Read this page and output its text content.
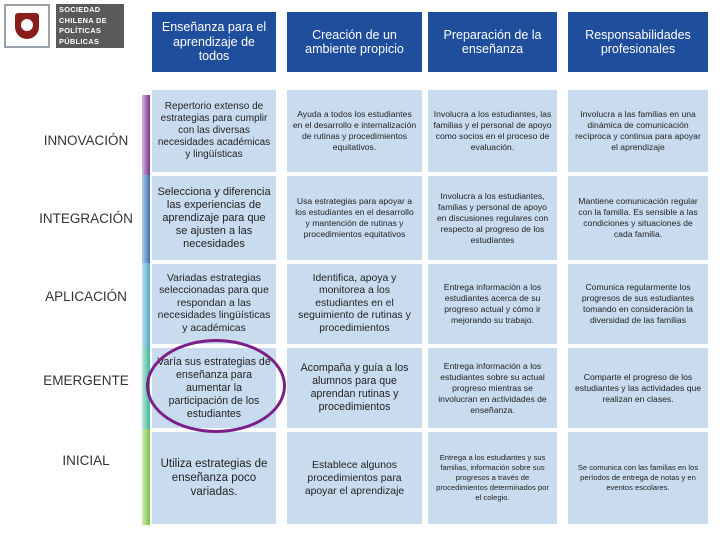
SOCIEDAD
CHILENA DE
POLÍTICAS
PÚBLICAS
INNOVACIÓN
INTEGRACIÓN
APLICACIÓN
EMERGENTE
INICIAL
Enseñanza para el aprendizaje de todos
Creación de un ambiente propicio
Preparación de la enseñanza
Responsabilidades profesionales
Repertorio extenso de estrategias para cumplir con las diversas necesidades académicas y lingüísticas
Ayuda a todos los estudiantes en el desarrollo e internalización de rutinas y procedimientos equitativos.
Involucra a los estudiantes, las familias y el personal de apoyo como socios en el proceso de evaluación.
Involucra a las familias en una dinámica de comunicación recíproca y continua para apoyar el aprendizaje
Selecciona y diferencia las experiencias de aprendizaje para que se ajusten a las necesidades
Usa estrategias para apoyar a los estudiantes en el desarrollo y mantención de rutinas y procedimientos equitativos
Involucra a los estudiantes, familias y personal de apoyo en discusiones regulares con respecto al progreso de los estudiantes
Mantiene comunicación regular con la familia. Es sensible a las condiciones y situaciones de cada familia.
Variadas estrategias seleccionadas para que respondan a las necesidades lingüísticas y académicas
Identifica, apoya y monitorea a los estudiantes en el seguimiento de rutinas y procedimientos
Entrega información a los estudiantes acerca de su progreso actual y cómo ir mejorando su trabajo.
Comunica regularmente los progresos de sus estudiantes tomando en consideración la diversidad de las familias
Varía sus estrategias de enseñanza para aumentar la participación de los estudiantes
Acompaña y guía a los alumnos para que aprendan rutinas y procedimientos
Entrega información a los estudiantes sobre su actual progreso mientras se involucran en actividades de enseñanza.
Comparte el progreso de los estudiantes y las actividades que realizan en clases.
Utiliza estrategias de enseñanza poco variadas.
Establece algunos procedimientos para apoyar el aprendizaje
Entrega a los estudiantes y sus familias, información sobre sus progresos a través de procedimientos determinados por el colegio.
Se comunica con las familias en los períodos de entrega de notas y en eventos escolares.
